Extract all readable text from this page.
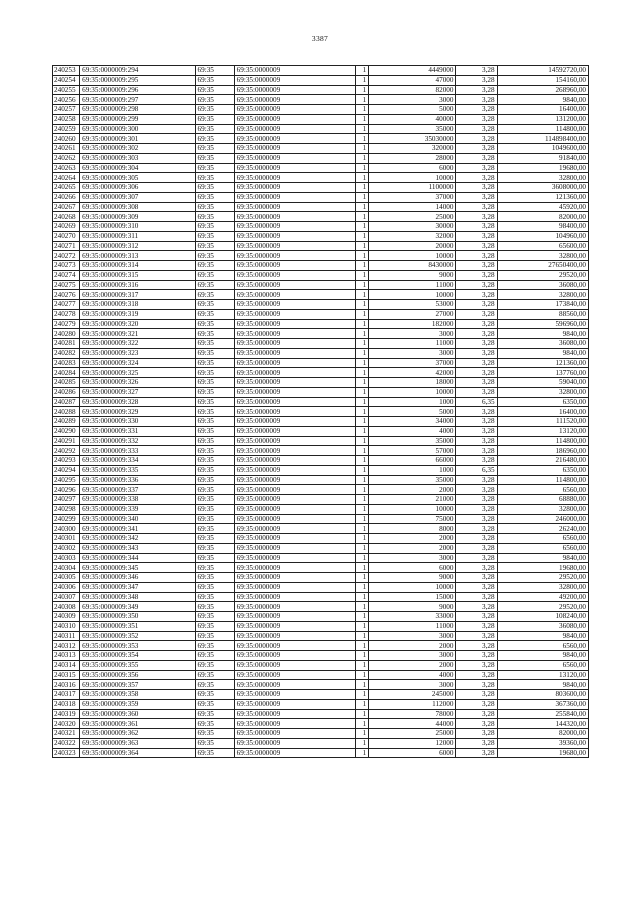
3387
240253	69:35:0000009:294	69:35	69:35:0000009	1	4449000	3,28	14592720,00
240254	69:35:0000009:295	69:35	69:35:0000009	1	47000	3,28	154160,00
240255	69:35:0000009:296	69:35	69:35:0000009	1	82000	3,28	268960,00
240256	69:35:0000009:297	69:35	69:35:0000009	1	3000	3,28	9840,00
240257	69:35:0000009:298	69:35	69:35:0000009	1	5000	3,28	16400,00
240258	69:35:0000009:299	69:35	69:35:0000009	1	40000	3,28	131200,00
240259	69:35:0000009:300	69:35	69:35:0000009	1	35000	3,28	114800,00
240260	69:35:0000009:301	69:35	69:35:0000009	1	35030000	3,28	114898400,00
240261	69:35:0000009:302	69:35	69:35:0000009	1	320000	3,28	1049600,00
240262	69:35:0000009:303	69:35	69:35:0000009	1	28000	3,28	91840,00
240263	69:35:0000009:304	69:35	69:35:0000009	1	6000	3,28	19680,00
240264	69:35:0000009:305	69:35	69:35:0000009	1	10000	3,28	32800,00
240265	69:35:0000009:306	69:35	69:35:0000009	1	1100000	3,28	3608000,00
240266	69:35:0000009:307	69:35	69:35:0000009	1	37000	3,28	121360,00
240267	69:35:0000009:308	69:35	69:35:0000009	1	14000	3,28	45920,00
240268	69:35:0000009:309	69:35	69:35:0000009	1	25000	3,28	82000,00
240269	69:35:0000009:310	69:35	69:35:0000009	1	30000	3,28	98400,00
240270	69:35:0000009:311	69:35	69:35:0000009	1	32000	3,28	104960,00
240271	69:35:0000009:312	69:35	69:35:0000009	1	20000	3,28	65600,00
240272	69:35:0000009:313	69:35	69:35:0000009	1	10000	3,28	32800,00
240273	69:35:0000009:314	69:35	69:35:0000009	1	8430000	3,28	27650400,00
240274	69:35:0000009:315	69:35	69:35:0000009	1	9000	3,28	29520,00
240275	69:35:0000009:316	69:35	69:35:0000009	1	11000	3,28	36080,00
240276	69:35:0000009:317	69:35	69:35:0000009	1	10000	3,28	32800,00
240277	69:35:0000009:318	69:35	69:35:0000009	1	53000	3,28	173840,00
240278	69:35:0000009:319	69:35	69:35:0000009	1	27000	3,28	88560,00
240279	69:35:0000009:320	69:35	69:35:0000009	1	182000	3,28	596960,00
240280	69:35:0000009:321	69:35	69:35:0000009	1	3000	3,28	9840,00
240281	69:35:0000009:322	69:35	69:35:0000009	1	11000	3,28	36080,00
240282	69:35:0000009:323	69:35	69:35:0000009	1	3000	3,28	9840,00
240283	69:35:0000009:324	69:35	69:35:0000009	1	37000	3,28	121360,00
240284	69:35:0000009:325	69:35	69:35:0000009	1	42000	3,28	137760,00
240285	69:35:0000009:326	69:35	69:35:0000009	1	18000	3,28	59040,00
240286	69:35:0000009:327	69:35	69:35:0000009	1	10000	3,28	32800,00
240287	69:35:0000009:328	69:35	69:35:0000009	1	1000	6,35	6350,00
240288	69:35:0000009:329	69:35	69:35:0000009	1	5000	3,28	16400,00
240289	69:35:0000009:330	69:35	69:35:0000009	1	34000	3,28	111520,00
240290	69:35:0000009:331	69:35	69:35:0000009	1	4000	3,28	13120,00
240291	69:35:0000009:332	69:35	69:35:0000009	1	35000	3,28	114800,00
240292	69:35:0000009:333	69:35	69:35:0000009	1	57000	3,28	186960,00
240293	69:35:0000009:334	69:35	69:35:0000009	1	66000	3,28	216480,00
240294	69:35:0000009:335	69:35	69:35:0000009	1	1000	6,35	6350,00
240295	69:35:0000009:336	69:35	69:35:0000009	1	35000	3,28	114800,00
240296	69:35:0000009:337	69:35	69:35:0000009	1	2000	3,28	6560,00
240297	69:35:0000009:338	69:35	69:35:0000009	1	21000	3,28	68880,00
240298	69:35:0000009:339	69:35	69:35:0000009	1	10000	3,28	32800,00
240299	69:35:0000009:340	69:35	69:35:0000009	1	75000	3,28	246000,00
240300	69:35:0000009:341	69:35	69:35:0000009	1	8000	3,28	26240,00
240301	69:35:0000009:342	69:35	69:35:0000009	1	2000	3,28	6560,00
240302	69:35:0000009:343	69:35	69:35:0000009	1	2000	3,28	6560,00
240303	69:35:0000009:344	69:35	69:35:0000009	1	3000	3,28	9840,00
240304	69:35:0000009:345	69:35	69:35:0000009	1	6000	3,28	19680,00
240305	69:35:0000009:346	69:35	69:35:0000009	1	9000	3,28	29520,00
240306	69:35:0000009:347	69:35	69:35:0000009	1	10000	3,28	32800,00
240307	69:35:0000009:348	69:35	69:35:0000009	1	15000	3,28	49200,00
240308	69:35:0000009:349	69:35	69:35:0000009	1	9000	3,28	29520,00
240309	69:35:0000009:350	69:35	69:35:0000009	1	33000	3,28	108240,00
240310	69:35:0000009:351	69:35	69:35:0000009	1	11000	3,28	36080,00
240311	69:35:0000009:352	69:35	69:35:0000009	1	3000	3,28	9840,00
240312	69:35:0000009:353	69:35	69:35:0000009	1	2000	3,28	6560,00
240313	69:35:0000009:354	69:35	69:35:0000009	1	3000	3,28	9840,00
240314	69:35:0000009:355	69:35	69:35:0000009	1	2000	3,28	6560,00
240315	69:35:0000009:356	69:35	69:35:0000009	1	4000	3,28	13120,00
240316	69:35:0000009:357	69:35	69:35:0000009	1	3000	3,28	9840,00
240317	69:35:0000009:358	69:35	69:35:0000009	1	245000	3,28	803600,00
240318	69:35:0000009:359	69:35	69:35:0000009	1	112000	3,28	367360,00
240319	69:35:0000009:360	69:35	69:35:0000009	1	78000	3,28	255840,00
240320	69:35:0000009:361	69:35	69:35:0000009	1	44000	3,28	144320,00
240321	69:35:0000009:362	69:35	69:35:0000009	1	25000	3,28	82000,00
240322	69:35:0000009:363	69:35	69:35:0000009	1	12000	3,28	39360,00
240323	69:35:0000009:364	69:35	69:35:0000009	1	6000	3,28	19680,00
